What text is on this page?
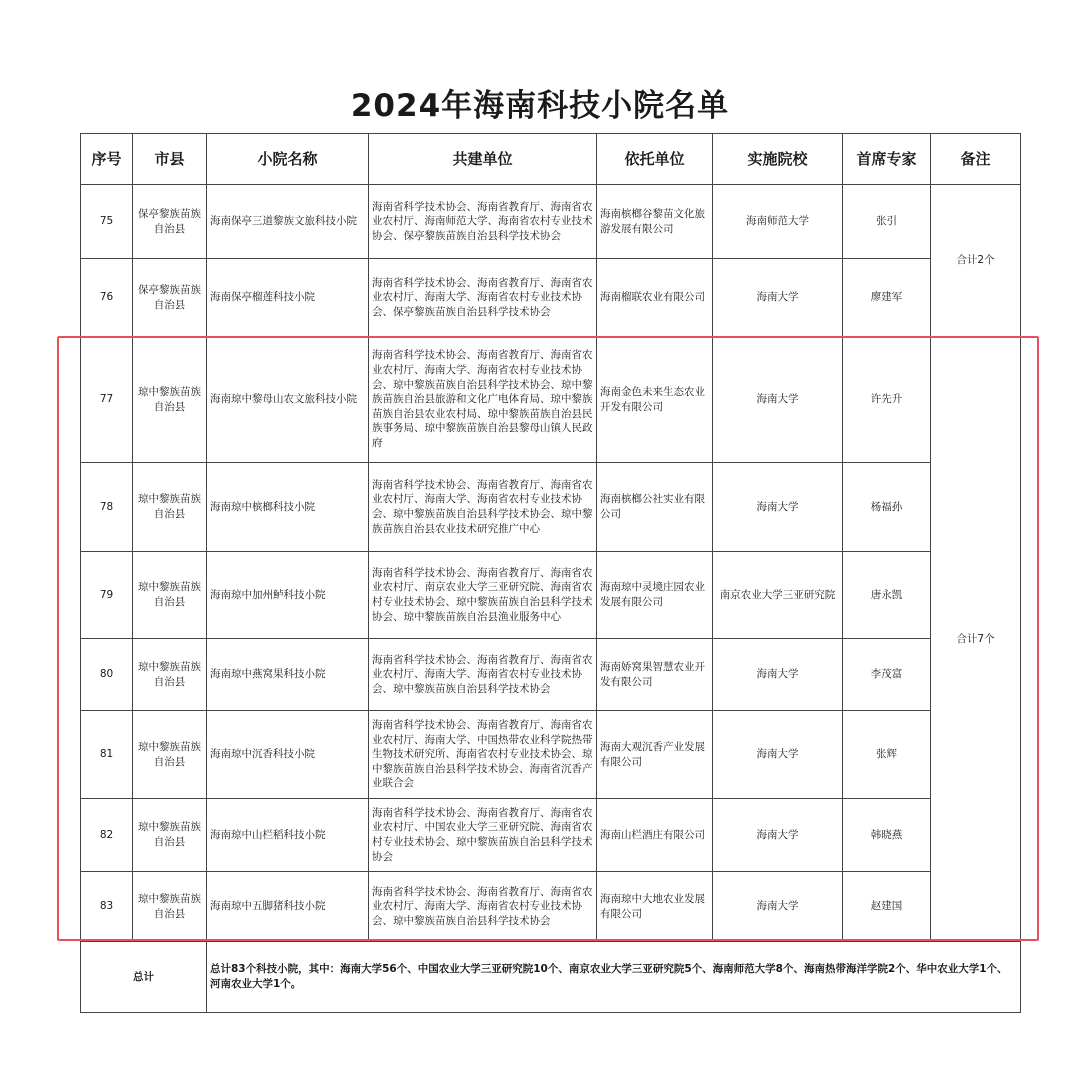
2024年海南科技小院名单
序号	市县	小院名称	共建单位	依托单位	实施院校	首席专家	备注
75	保亭黎族苗族自治县	海南保亭三道黎族文旅科技小院	海南省科学技术协会、海南省教育厅、海南省农业农村厅、海南师范大学、海南省农村专业技术协会、保亭黎族苗族自治县科学技术协会	海南槟榔谷黎苗文化旅游发展有限公司	海南师范大学	张引	合计2个
76	保亭黎族苗族自治县	海南保亭榴莲科技小院	海南省科学技术协会、海南省教育厅、海南省农业农村厅、海南大学、海南省农村专业技术协会、保亭黎族苗族自治县科学技术协会	海南榴联农业有限公司	海南大学	廖建军	
77	琼中黎族苗族自治县	海南琼中黎母山农文旅科技小院	海南省科学技术协会、海南省教育厅、海南省农业农村厅、海南大学、海南省农村专业技术协会、琼中黎族苗族自治县科学技术协会、琼中黎族苗族自治县旅游和文化广电体育局、琼中黎族苗族自治县农业农村局、琼中黎族苗族自治县民族事务局、琼中黎族苗族自治县黎母山镇人民政府	海南金色未来生态农业开发有限公司	海南大学	许先升	合计7个
78	琼中黎族苗族自治县	海南琼中槟榔科技小院	海南省科学技术协会、海南省教育厅、海南省农业农村厅、海南大学、海南省农村专业技术协会、琼中黎族苗族自治县科学技术协会、琼中黎族苗族自治县农业技术研究推广中心	海南槟榔公社实业有限公司	海南大学	杨福孙	
79	琼中黎族苗族自治县	海南琼中加州鲈科技小院	海南省科学技术协会、海南省教育厅、海南省农业农村厅、南京农业大学三亚研究院、海南省农村专业技术协会、琼中黎族苗族自治县科学技术协会、琼中黎族苗族自治县渔业服务中心	海南琼中灵境庄园农业发展有限公司	南京农业大学三亚研究院	唐永凯	
80	琼中黎族苗族自治县	海南琼中燕窝果科技小院	海南省科学技术协会、海南省教育厅、海南省农业农村厅、海南大学、海南省农村专业技术协会、琼中黎族苗族自治县科学技术协会	海南娇窝果智慧农业开发有限公司	海南大学	李茂富	
81	琼中黎族苗族自治县	海南琼中沉香科技小院	海南省科学技术协会、海南省教育厅、海南省农业农村厅、海南大学、中国热带农业科学院热带生物技术研究所、海南省农村专业技术协会、琼中黎族苗族自治县科学技术协会、海南省沉香产业联合会	海南大观沉香产业发展有限公司	海南大学	张辉	
82	琼中黎族苗族自治县	海南琼中山栏稻科技小院	海南省科学技术协会、海南省教育厅、海南省农业农村厅、中国农业大学三亚研究院、海南省农村专业技术协会、琼中黎族苗族自治县科学技术协会	海南山栏酒庄有限公司	海南大学	韩晓燕	
83	琼中黎族苗族自治县	海南琼中五脚猪科技小院	海南省科学技术协会、海南省教育厅、海南省农业农村厅、海南大学、海南省农村专业技术协会、琼中黎族苗族自治县科学技术协会	海南琼中大地农业发展有限公司	海南大学	赵建国	
总计		总计83个科技小院，其中：海南大学56个、中国农业大学三亚研究院10个、南京农业大学三亚研究院5个、海南师范大学8个、海南热带海洋学院2个、华中农业大学1个、河南农业大学1个。					
